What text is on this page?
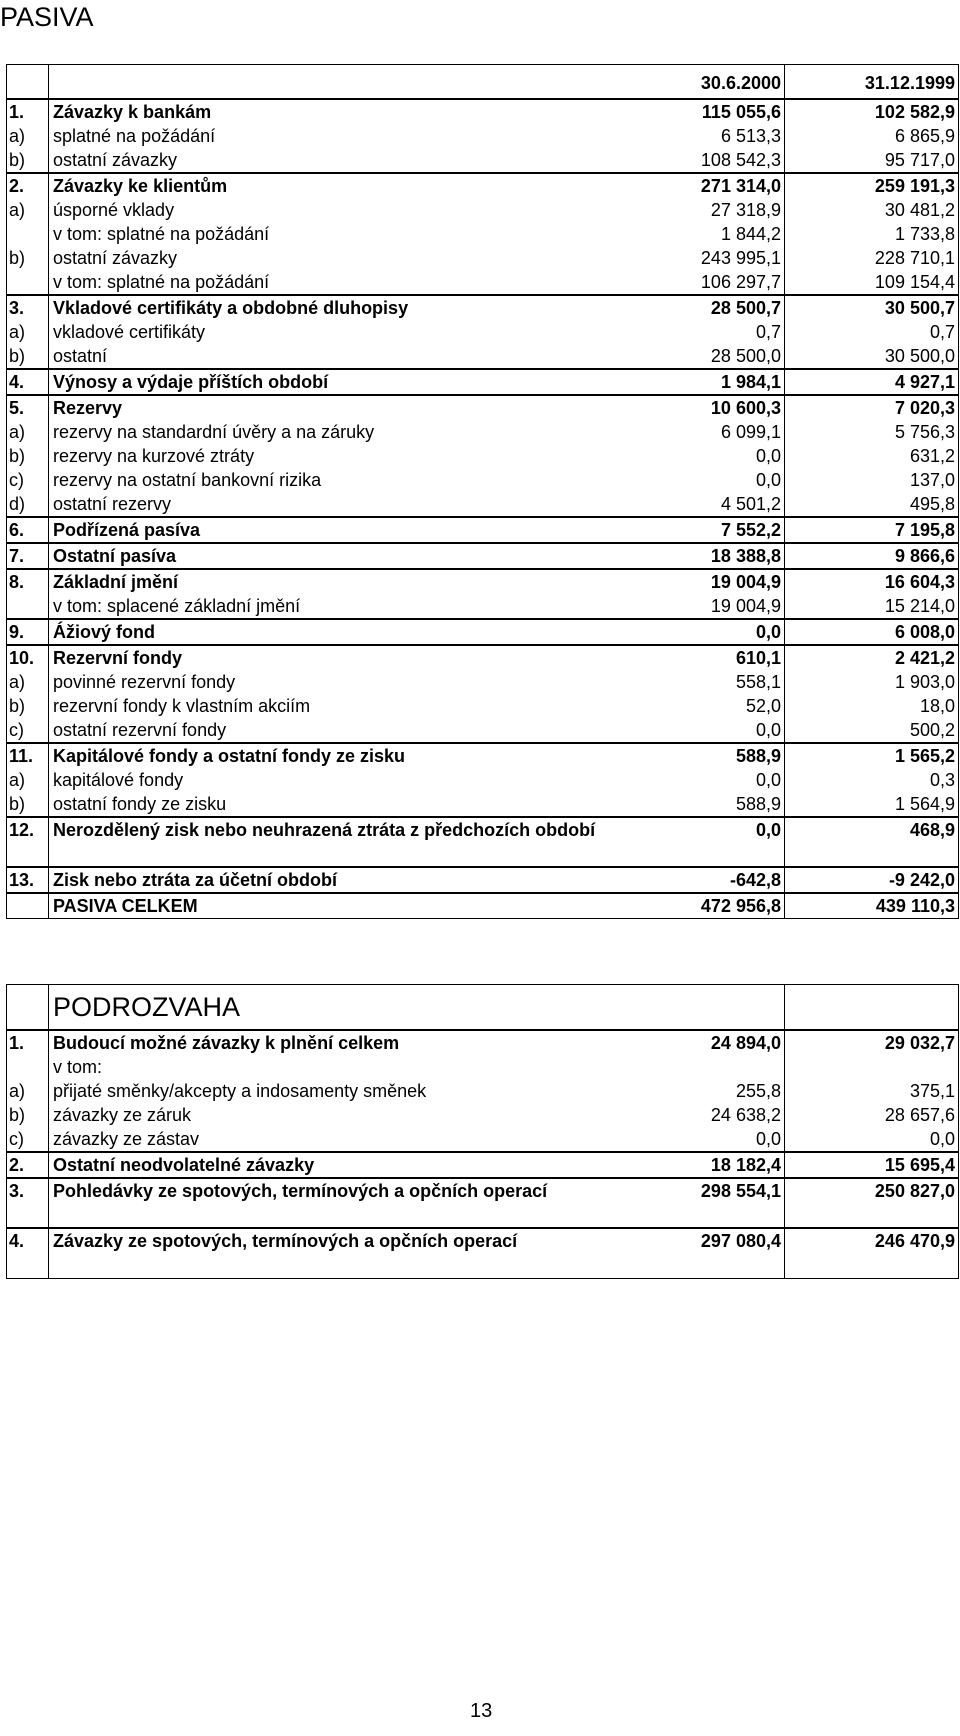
PASIVA
		30.6.2000	31.12.1999
1.	Závazky k bankám	115 055,6	102 582,9
a)	splatné na požádání	6 513,3	6 865,9
b)	ostatní závazky	108 542,3	95 717,0
2.	Závazky ke klientům	271 314,0	259 191,3
a)	úsporné vklady	27 318,9	30 481,2
	v tom: splatné na požádání	1 844,2	1 733,8
b)	ostatní závazky	243 995,1	228 710,1
	v tom: splatné na požádání	106 297,7	109 154,4
3.	Vkladové certifikáty a obdobné dluhopisy	28 500,7	30 500,7
a)	vkladové certifikáty	0,7	0,7
b)	ostatní	28 500,0	30 500,0
4.	Výnosy a výdaje příštích období	1 984,1	4 927,1
5.	Rezervy	10 600,3	7 020,3
a)	rezervy na standardní úvěry a na záruky	6 099,1	5 756,3
b)	rezervy na kurzové ztráty	0,0	631,2
c)	rezervy na ostatní bankovní rizika	0,0	137,0
d)	ostatní rezervy	4 501,2	495,8
6.	Podřízená pasíva	7 552,2	7 195,8
7.	Ostatní pasíva	18 388,8	9 866,6
8.	Základní jmění	19 004,9	16 604,3
	v tom: splacené základní jmění	19 004,9	15 214,0
9.	Ážiový fond	0,0	6 008,0
10.	Rezervní fondy	610,1	2 421,2
a)	povinné rezervní fondy	558,1	1 903,0
b)	rezervní fondy k vlastním akciím	52,0	18,0
c)	ostatní rezervní fondy	0,0	500,2
11.	Kapitálové fondy a ostatní fondy ze zisku	588,9	1 565,2
a)	kapitálové fondy	0,0	0,3
b)	ostatní fondy ze zisku	588,9	1 564,9
12.	Nerozdělený zisk nebo neuhrazená ztráta z předchozích období	0,0	468,9
13.	Zisk nebo ztráta za účetní období	-642,8	-9 242,0
	PASIVA CELKEM	472 956,8	439 110,3
	PODROZVAHA		
1.	Budoucí možné závazky k plnění celkem	24 894,0	29 032,7
	v tom:		
a)	přijaté směnky/akcepty a indosamenty směnek	255,8	375,1
b)	závazky ze záruk	24 638,2	28 657,6
c)	závazky ze zástav	0,0	0,0
2.	Ostatní neodvolatelné závazky	18 182,4	15 695,4
3.	Pohledávky ze spotových, termínových a opčních operací	298 554,1	250 827,0
4.	Závazky ze spotových, termínových a opčních operací	297 080,4	246 470,9
13
